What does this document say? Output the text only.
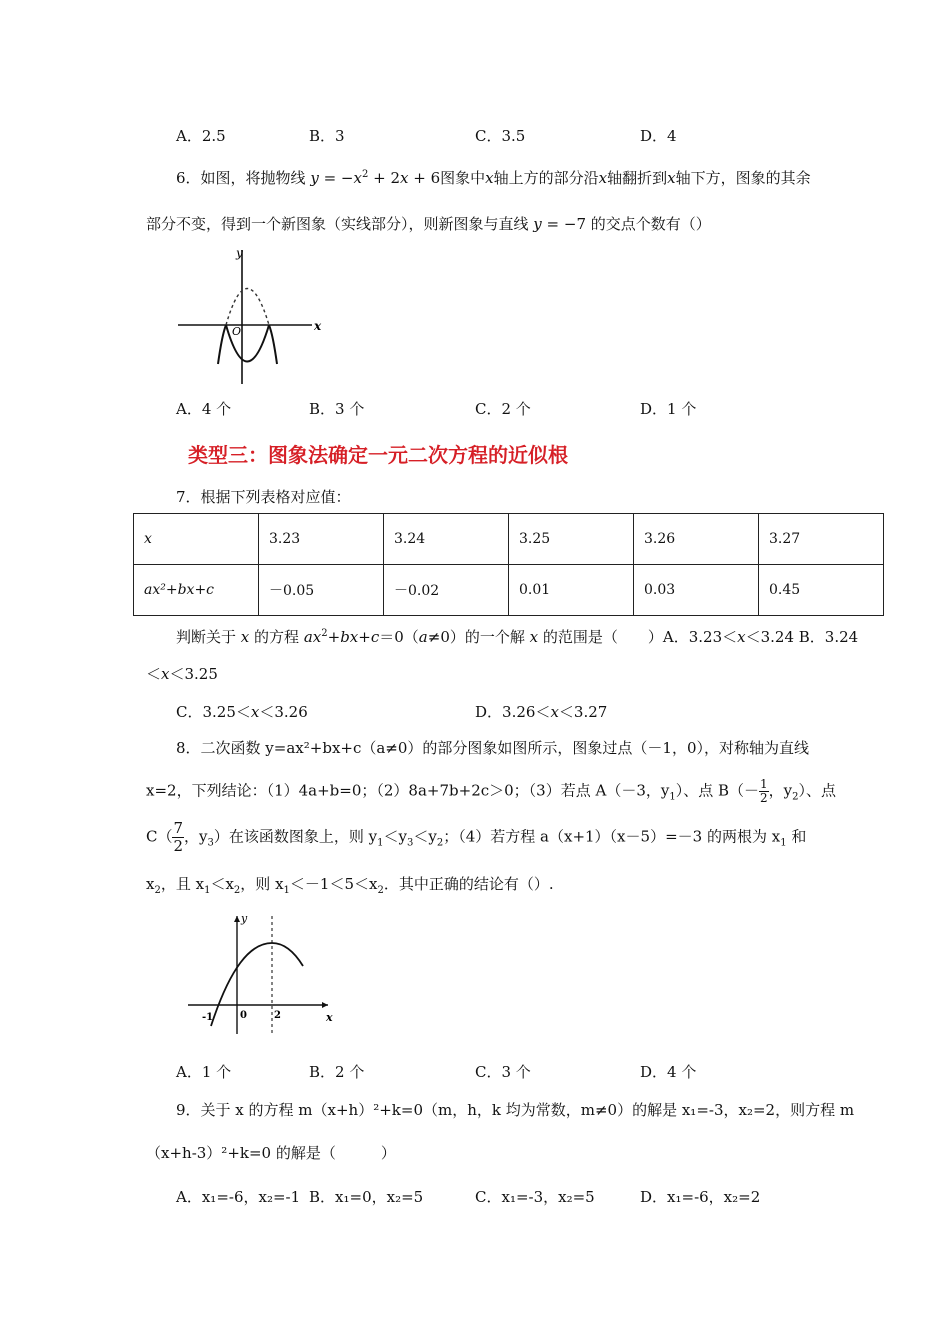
A．2.5	B．3	C．3.5	D．4
6．如图，将抛物线 $y = -x^2 + 2x + 6$图象中x轴上方的部分沿x轴翻折到x轴下方，图象的其余
部分不变，得到一个新图象（实线部分），则新图象与直线 y = −7 的交点个数有（）
y
x
O
A．4 个	B．3 个	C．2 个	D．1 个
类型三：图象法确定一元二次方程的近似根
7．根据下列表格对应值：
x	3.23	3.24	3.25	3.26	3.27
ax²+bx+c	－0.05	－0.02	0.01	0.03	0.45
判断关于 x 的方程 $ax^2+bx+c=0(a\ne 0)$的一个解 x 的范围是（　　）A．3.23＜x＜3.24 B．3.24
＜x＜3.25
C．3.25＜x＜3.26	D．3.26＜x＜3.27
8．二次函数 y=ax²+bx+c（a≠0）的部分图象如图所示，图象过点（－1，0），对称轴为直线
x=2，下列结论：（1）4a+b=0；（2）8a+7b+2c＞0；（3）若点 A（－3，$y_1$）、点 $B(- \frac{1}{2}$ ，$y_2$）、点
$C( \frac{7}{2}$ ，$y_3$）在该函数图象上，则 $y_1<y_3<y_2$；（4）若方程 a（x+1）（x－5）=－3 的两根为 $x_1$ 和
$x_2$，且 $x_1<x_2$，则 $x_1<-1<5<x_2$．其中正确的结论有（）.
y
x
-1	0	2
A．1 个	B．2 个	C．3 个	D．4 个
9．关于 x 的方程 m（x+h）²+k=0（m，h，k 均为常数，m≠0）的解是 x₁=-3，x₂=2，则方程 m
（x+h-3）²+k=0 的解是（　　　）
A．x₁=-6，x₂=-1 B．x₁=0，x₂=5	C．x₁=-3，x₂=5	D．x₁=-6，x₂=2
